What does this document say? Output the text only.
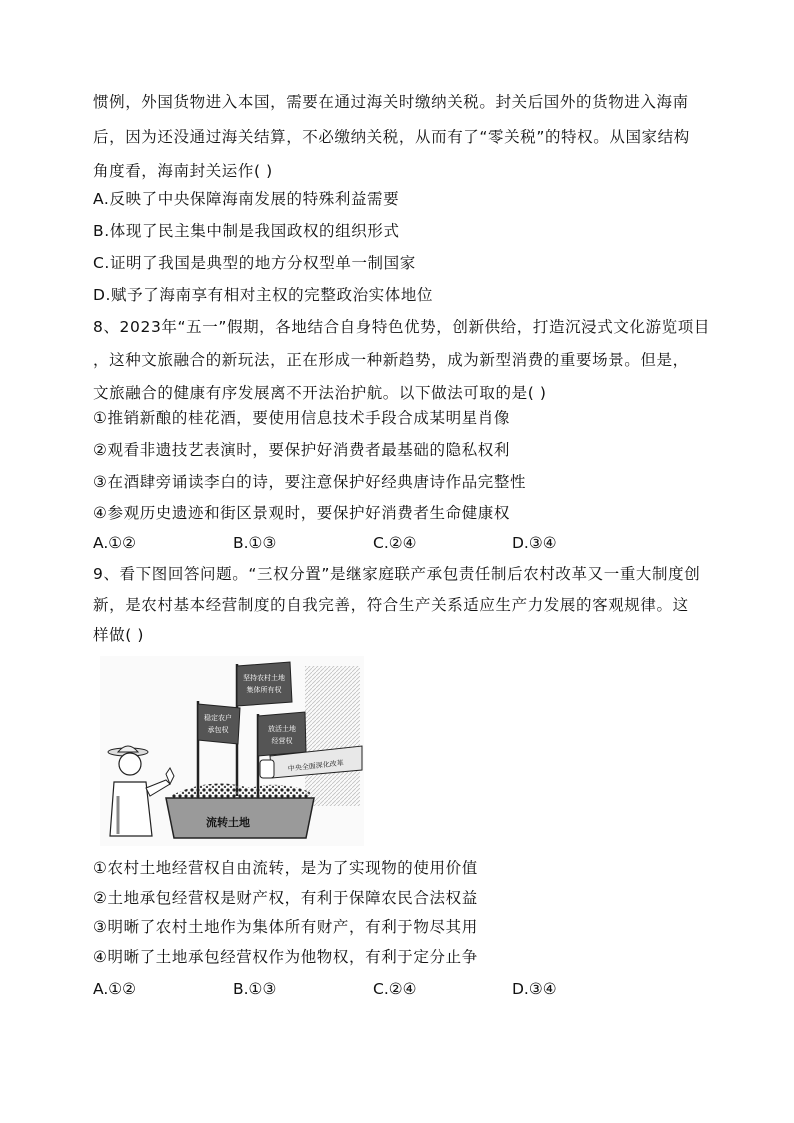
惯例，外国货物进入本国，需要在通过海关时缴纳关税。封关后国外的货物进入海南
后，因为还没通过海关结算，不必缴纳关税，从而有了“零关税”的特权。从国家结构
角度看，海南封关运作( )
A.反映了中央保障海南发展的特殊利益需要
B.体现了民主集中制是我国政权的组织形式
C.证明了我国是典型的地方分权型单一制国家
D.赋予了海南享有相对主权的完整政治实体地位
8、2023年“五一”假期，各地结合自身特色优势，创新供给，打造沉浸式文化游览项目
，这种文旅融合的新玩法，正在形成一种新趋势，成为新型消费的重要场景。但是，
文旅融合的健康有序发展离不开法治护航。以下做法可取的是( )
①推销新酿的桂花酒，要使用信息技术手段合成某明星肖像
②观看非遗技艺表演时，要保护好消费者最基础的隐私权利
③在酒肆旁诵读李白的诗，要注意保护好经典唐诗作品完整性
④参观历史遗迹和街区景观时，要保护好消费者生命健康权
A.①②	B.①③	C.②④	D.③④
9、看下图回答问题。“三权分置”是继家庭联产承包责任制后农村改革又一重大制度创
新，是农村基本经营制度的自我完善，符合生产关系适应生产力发展的客观规律。这
样做( )
坚持农村土地
集体所有权
稳定农户
承包权	放活土地
经营权
中央全面深化改革
流转土地
①农村土地经营权自由流转，是为了实现物的使用价值
②土地承包经营权是财产权，有利于保障农民合法权益
③明晰了农村土地作为集体所有财产，有利于物尽其用
④明晰了土地承包经营权作为他物权，有利于定分止争
A.①②	B.①③	C.②④	D.③④
